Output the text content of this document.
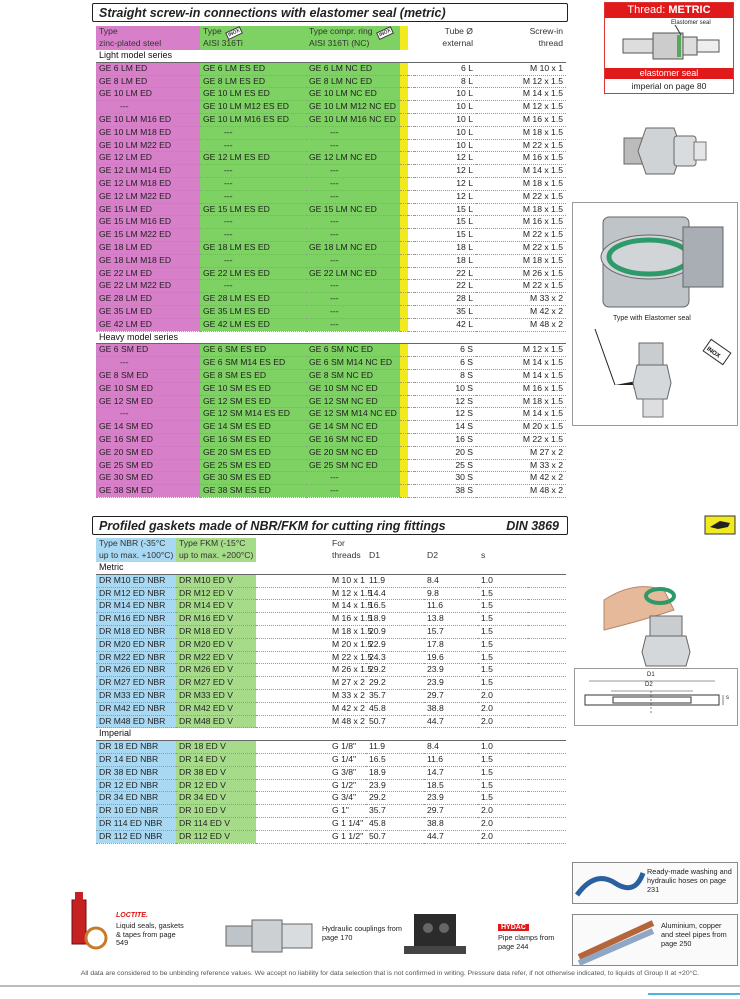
Straight screw-in connections with elastomer seal (metric)
Type	Type INOX	Type compr. ring INOX			Tube Ø	Screw-in
zinc-plated steel	AISI 316Ti	AISI 316Ti (NC)			external	thread
Light model series						
GE 6 LM ED	GE 6 LM ES ED	GE 6 LM NC ED			6 L	M 10 x 1
GE 8 LM ED	GE 8 LM ES ED	GE 8 LM NC ED			8 L	M 12 x 1.5
GE 10 LM ED	GE 10 LM ES ED	GE 10 LM NC ED			10 L	M 14 x 1.5
---	GE 10 LM M12 ES ED	GE 10 LM M12 NC ED			10 L	M 12 x 1.5
GE 10 LM M16 ED	GE 10 LM M16 ES ED	GE 10 LM M16 NC ED			10 L	M 16 x 1.5
GE 10 LM M18 ED	---	---			10 L	M 18 x 1.5
GE 10 LM M22 ED	---	---			10 L	M 22 x 1.5
GE 12 LM ED	GE 12 LM ES ED	GE 12 LM NC ED			12 L	M 16 x 1.5
GE 12 LM M14 ED	---	---			12 L	M 14 x 1.5
GE 12 LM M18 ED	---	---			12 L	M 18 x 1.5
GE 12 LM M22 ED	---	---			12 L	M 22 x 1.5
GE 15 LM ED	GE 15 LM ES ED	GE 15 LM NC ED			15 L	M 18 x 1.5
GE 15 LM M16 ED	---	---			15 L	M 16 x 1.5
GE 15 LM M22 ED	---	---			15 L	M 22 x 1.5
GE 18 LM ED	GE 18 LM ES ED	GE 18 LM NC ED			18 L	M 22 x 1.5
GE 18 LM M18 ED	---	---			18 L	M 18 x 1.5
GE 22 LM ED	GE 22 LM ES ED	GE 22 LM NC ED			22 L	M 26 x 1.5
GE 22 LM M22 ED	---	---			22 L	M 22 x 1.5
GE 28 LM ED	GE 28 LM ES ED	---			28 L	M 33 x 2
GE 35 LM ED	GE 35 LM ES ED	---			35 L	M 42 x 2
GE 42 LM ED	GE 42 LM ES ED	---			42 L	M 48 x 2
Heavy model series						
GE 6 SM ED	GE 6 SM ES ED	GE 6 SM NC ED			6 S	M 12 x 1.5
---	GE 6 SM M14 ES ED	GE 6 SM M14 NC ED			6 S	M 14 x 1.5
GE 8 SM ED	GE 8 SM ES ED	GE 8 SM NC ED			8 S	M 14 x 1.5
GE 10 SM ED	GE 10 SM ES ED	GE 10 SM NC ED			10 S	M 16 x 1.5
GE 12 SM ED	GE 12 SM ES ED	GE 12 SM NC ED			12 S	M 18 x 1.5
---	GE 12 SM M14 ES ED	GE 12 SM M14 NC ED			12 S	M 14 x 1.5
GE 14 SM ED	GE 14 SM ES ED	GE 14 SM NC ED			14 S	M 20 x 1.5
GE 16 SM ED	GE 16 SM ES ED	GE 16 SM NC ED			16 S	M 22 x 1.5
GE 20 SM ED	GE 20 SM ES ED	GE 20 SM NC ED			20 S	M 27 x 2
GE 25 SM ED	GE 25 SM ES ED	GE 25 SM NC ED			25 S	M 33 x 2
GE 30 SM ED	GE 30 SM ES ED	---			30 S	M 42 x 2
GE 38 SM ED	GE 38 SM ES ED	---			38 S	M 48 x 2
Thread: METRIC
Elastomer seal
elastomer seal
imperial on page 80
Type with Elastomer seal
INOX
Profiled gaskets made of NBR/FKM for cutting ring fittings	DIN 3869
Type NBR (-35°C	Type FKM (-15°C	For				
up to max. +100°C)	up to max. +200°C)	threads	D1	D2	s	
Metric						
DR M10 ED NBR	DR M10 ED V	M 10 x 1	11.9	8.4	1.0	
DR M12 ED NBR	DR M12 ED V	M 12 x 1.5	14.4	9.8	1.5	
DR M14 ED NBR	DR M14 ED V	M 14 x 1.5	16.5	11.6	1.5	
DR M16 ED NBR	DR M16 ED V	M 16 x 1.5	18.9	13.8	1.5	
DR M18 ED NBR	DR M18 ED V	M 18 x 1.5	20.9	15.7	1.5	
DR M20 ED NBR	DR M20 ED V	M 20 x 1.5	22.9	17.8	1.5	
DR M22 ED NBR	DR M22 ED V	M 22 x 1.5	24.3	19.6	1.5	
DR M26 ED NBR	DR M26 ED V	M 26 x 1.5	29.2	23.9	1.5	
DR M27 ED NBR	DR M27 ED V	M 27 x 2	29.2	23.9	1.5	
DR M33 ED NBR	DR M33 ED V	M 33 x 2	35.7	29.7	2.0	
DR M42 ED NBR	DR M42 ED V	M 42 x 2	45.8	38.8	2.0	
DR M48 ED NBR	DR M48 ED V	M 48 x 2	50.7	44.7	2.0	
Imperial						
DR 18 ED NBR	DR 18 ED V	G 1/8"	11.9	8.4	1.0	
DR 14 ED NBR	DR 14 ED V	G 1/4"	16.5	11.6	1.5	
DR 38 ED NBR	DR 38 ED V	G 3/8"	18.9	14.7	1.5	
DR 12 ED NBR	DR 12 ED V	G 1/2"	23.9	18.5	1.5	
DR 34 ED NBR	DR 34 ED V	G 3/4"	29.2	23.9	1.5	
DR 10 ED NBR	DR 10 ED V	G 1"	35.7	29.7	2.0	
DR 114 ED NBR	DR 114 ED V	G 1 1/4"	45.8	38.8	2.0	
DR 112 ED NBR	DR 112 ED V	G 1 1/2"	50.7	44.7	2.0	
D1
D2
s
Ready-made washing and hydraulic hoses on page 231
LOCTITE.
Liquid seals, gaskets & tapes from page 549
Hydraulic couplings from page 170
HYDAC
Pipe clamps from page 244
Aluminium, copper and steel pipes from page 250
All data are considered to be unbinding reference values. We accept no liability for data selection that is not confirmed in writing. Pressure data refer, if not otherwise indicated, to liquids of Group II at +20°C.
